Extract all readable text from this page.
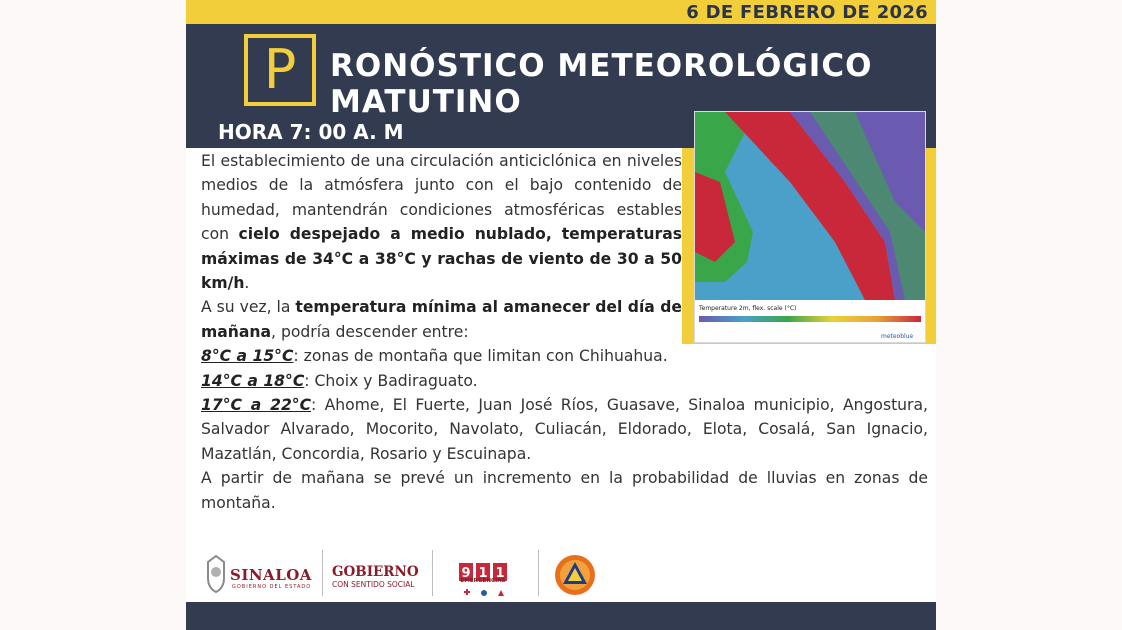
6 DE FEBRERO DE 2026
P	RONÓSTICO METEOROLÓGICO
MATUTINO
HORA 7: 00 A. M
Temperature 2m, flex. scale (°C)
meteoblue

El establecimiento de una circulación anticiclónica en niveles medios de la atmósfera junto con el bajo contenido de humedad, mantendrán condiciones atmosféricas estables con cielo despejado a medio nublado, temperaturas máximas de 34°C a 38°C y rachas de viento de 30 a 50 km/h.

A su vez, la temperatura mínima al amanecer del día de mañana, podría descender entre:

8°C a 15°C: zonas de montaña que limitan con Chihuahua.

14°C a 18°C: Choix y Badiraguato.

17°C a 22°C: Ahome, El Fuerte, Juan José Ríos, Guasave, Sinaloa municipio, Angostura, Salvador Alvarado, Mocorito, Navolato, Culiacán, Eldorado, Elota, Cosalá, San Ignacio, Mazatlán, Concordia, Rosario y Escuinapa.

A partir de mañana se prevé un incremento en la probabilidad de lluvias en zonas de montaña.

SINALOA
GOBIERNO DEL ESTADO
GOBIERNO
CON SENTIDO SOCIAL
9 1 1
EMERGENCIAS
